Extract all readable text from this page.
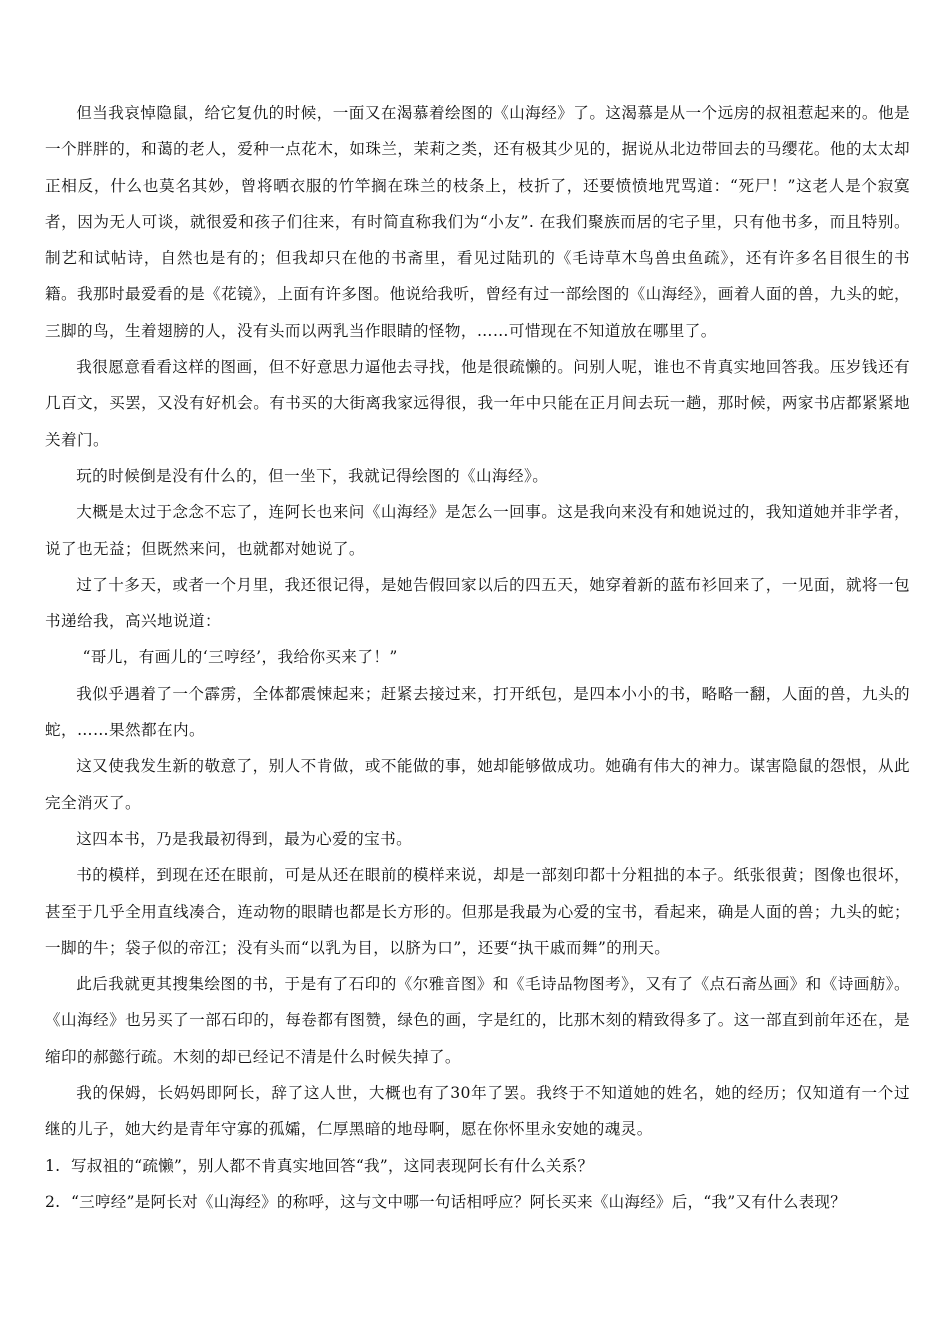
但当我哀悼隐鼠，给它复仇的时候，一面又在渴慕着绘图的《山海经》了。这渴慕是从一个远房的叔祖惹起来的。他是一个胖胖的，和蔼的老人，爱种一点花木，如珠兰，茉莉之类，还有极其少见的，据说从北边带回去的马缨花。他的太太却正相反，什么也莫名其妙，曾将晒衣服的竹竿搁在珠兰的枝条上，枝折了，还要愤愤地咒骂道：“死尸！”这老人是个寂寞者，因为无人可谈，就很爱和孩子们往来，有时简直称我们为“小友”. 在我们聚族而居的宅子里，只有他书多，而且特别。制艺和试帖诗，自然也是有的；但我却只在他的书斋里，看见过陆玑的《毛诗草木鸟兽虫鱼疏》，还有许多名目很生的书籍。我那时最爱看的是《花镜》，上面有许多图。他说给我听，曾经有过一部绘图的《山海经》，画着人面的兽，九头的蛇，三脚的鸟，生着翅膀的人，没有头而以两乳当作眼睛的怪物，……可惜现在不知道放在哪里了。

我很愿意看看这样的图画，但不好意思力逼他去寻找，他是很疏懒的。问别人呢，谁也不肯真实地回答我。压岁钱还有几百文，买罢，又没有好机会。有书买的大街离我家远得很，我一年中只能在正月间去玩一趟，那时候，两家书店都紧紧地关着门。

玩的时候倒是没有什么的，但一坐下，我就记得绘图的《山海经》。

大概是太过于念念不忘了，连阿长也来问《山海经》是怎么一回事。这是我向来没有和她说过的，我知道她并非学者，说了也无益；但既然来问，也就都对她说了。

过了十多天，或者一个月里，我还很记得，是她告假回家以后的四五天，她穿着新的蓝布衫回来了，一见面，就将一包书递给我，高兴地说道：

“哥儿，有画儿的‘三哼经’，我给你买来了！”

我似乎遇着了一个霹雳，全体都震悚起来；赶紧去接过来，打开纸包，是四本小小的书，略略一翻，人面的兽，九头的蛇，……果然都在内。

这又使我发生新的敬意了，别人不肯做，或不能做的事，她却能够做成功。她确有伟大的神力。谋害隐鼠的怨恨，从此完全消灭了。

这四本书，乃是我最初得到，最为心爱的宝书。

书的模样，到现在还在眼前，可是从还在眼前的模样来说，却是一部刻印都十分粗拙的本子。纸张很黄；图像也很坏，甚至于几乎全用直线凑合，连动物的眼睛也都是长方形的。但那是我最为心爱的宝书，看起来，确是人面的兽；九头的蛇；一脚的牛；袋子似的帝江；没有头而“以乳为目，以脐为口”，还要“执干戚而舞”的刑天。

此后我就更其搜集绘图的书，于是有了石印的《尔雅音图》和《毛诗品物图考》，又有了《点石斋丛画》和《诗画舫》。《山海经》也另买了一部石印的，每卷都有图赞，绿色的画，字是红的，比那木刻的精致得多了。这一部直到前年还在，是缩印的郝懿行疏。木刻的却已经记不清是什么时候失掉了。

我的保姆，长妈妈即阿长，辞了这人世，大概也有了30年了罢。我终于不知道她的姓名，她的经历；仅知道有一个过继的儿子，她大约是青年守寡的孤孀，仁厚黑暗的地母啊，愿在你怀里永安她的魂灵。

1. 写叔祖的“疏懒”，别人都不肯真实地回答“我”，这同表现阿长有什么关系？

2. “三哼经”是阿长对《山海经》的称呼，这与文中哪一句话相呼应？阿长买来《山海经》后，“我”又有什么表现？
